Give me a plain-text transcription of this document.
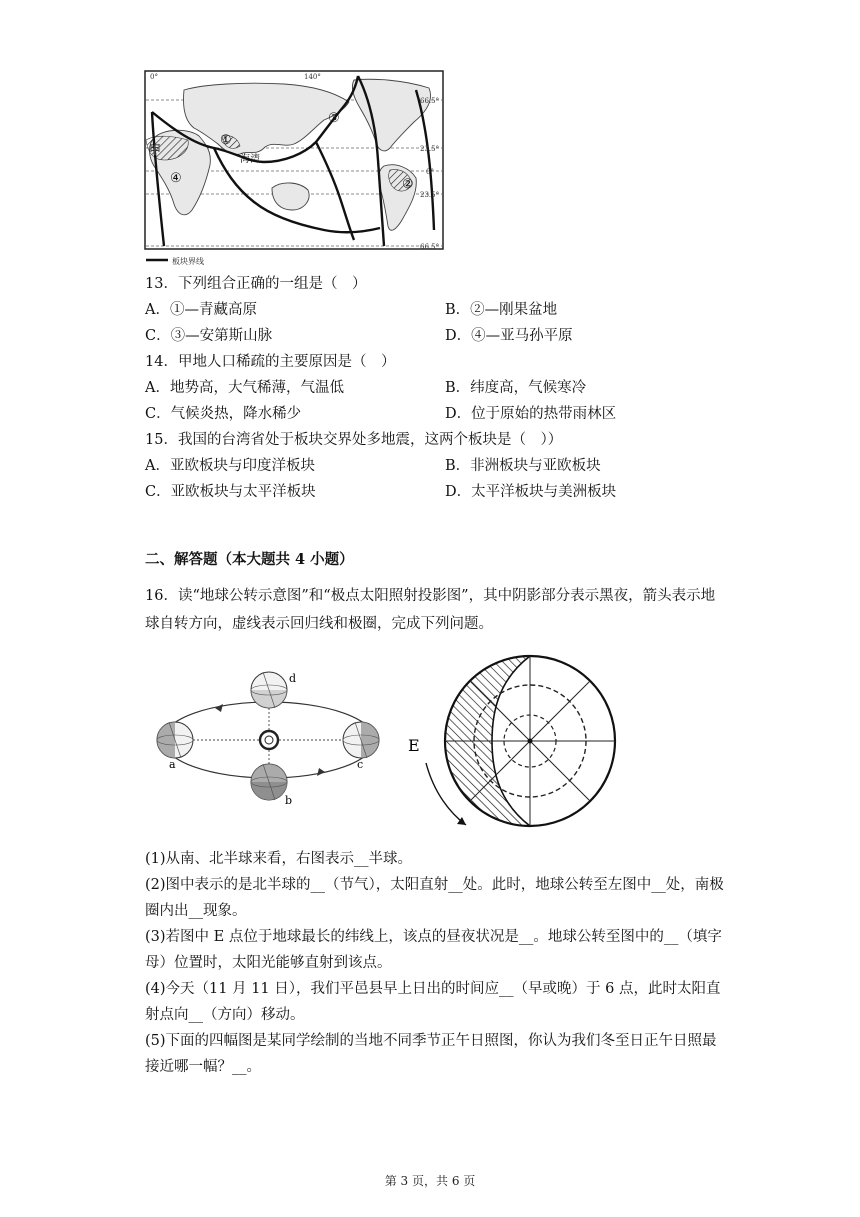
0°	140°
66.5°
23.5°
0°
23.5°
66.5°
甲
①
②
③
④
海湾
板块界线
13．下列组合正确的一组是（　）
A．①—青藏高原	B．②—刚果盆地
C．③—安第斯山脉	D．④—亚马孙平原
14．甲地人口稀疏的主要原因是（　）
A．地势高，大气稀薄，气温低	B．纬度高，气候寒冷
C．气候炎热，降水稀少	D．位于原始的热带雨林区
15．我国的台湾省处于板块交界处多地震，这两个板块是（　））
A．亚欧板块与印度洋板块	B．非洲板块与亚欧板块
C．亚欧板块与太平洋板块	D．太平洋板块与美洲板块
二、解答题（本大题共 4 小题）
16．读“地球公转示意图”和“极点太阳照射投影图”，其中阴影部分表示黑夜，箭头表示地球自转方向，虚线表示回归线和极圈，完成下列问题。
d
a	c
b
E
(1)从南、北半球来看，右图表示__半球。
(2)图中表示的是北半球的__（节气），太阳直射__处。此时，地球公转至左图中__处，南极圈内出__现象。
(3)若图中 E 点位于地球最长的纬线上，该点的昼夜状况是__。地球公转至图中的__（填字母）位置时，太阳光能够直射到该点。
(4)今天（11 月 11 日），我们平邑县早上日出的时间应__（早或晚）于 6 点，此时太阳直射点向__（方向）移动。
(5)下面的四幅图是某同学绘制的当地不同季节正午日照图，你认为我们冬至日正午日照最接近哪一幅？__。
第 3 页，共 6 页
